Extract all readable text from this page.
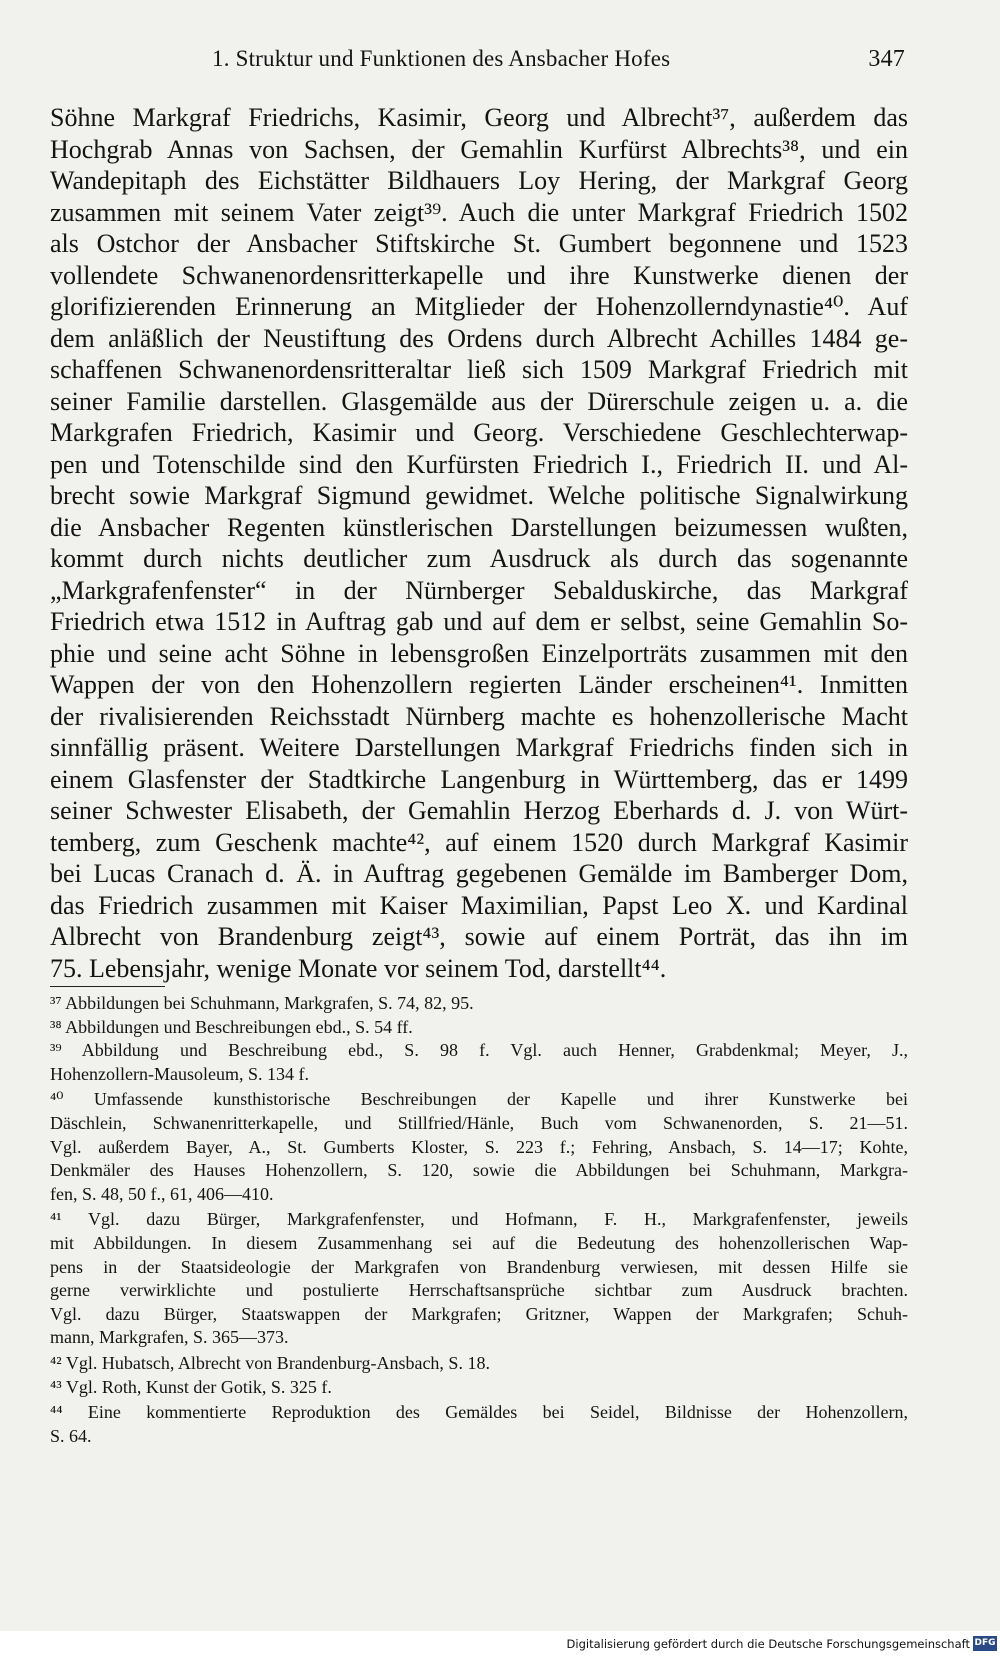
1. Struktur und Funktionen des Ansbacher Hofes	347
Söhne Markgraf Friedrichs, Kasimir, Georg und Albrecht³⁷, außerdem das
Hochgrab Annas von Sachsen, der Gemahlin Kurfürst Albrechts³⁸, und ein
Wandepitaph des Eichstätter Bildhauers Loy Hering, der Markgraf Georg
zusammen mit seinem Vater zeigt³⁹. Auch die unter Markgraf Friedrich 1502
als Ostchor der Ansbacher Stiftskirche St. Gumbert begonnene und 1523
vollendete Schwanenordensritterkapelle und ihre Kunstwerke dienen der
glorifizierenden Erinnerung an Mitglieder der Hohenzollerndynastie⁴⁰. Auf
dem anläßlich der Neustiftung des Ordens durch Albrecht Achilles 1484 ge-
schaffenen Schwanenordensritteraltar ließ sich 1509 Markgraf Friedrich mit
seiner Familie darstellen. Glasgemälde aus der Dürerschule zeigen u. a. die
Markgrafen Friedrich, Kasimir und Georg. Verschiedene Geschlechterwap-
pen und Totenschilde sind den Kurfürsten Friedrich I., Friedrich II. und Al-
brecht sowie Markgraf Sigmund gewidmet. Welche politische Signalwirkung
die Ansbacher Regenten künstlerischen Darstellungen beizumessen wußten,
kommt durch nichts deutlicher zum Ausdruck als durch das sogenannte
„Markgrafenfenster“ in der Nürnberger Sebalduskirche, das Markgraf
Friedrich etwa 1512 in Auftrag gab und auf dem er selbst, seine Gemahlin So-
phie und seine acht Söhne in lebensgroßen Einzelporträts zusammen mit den
Wappen der von den Hohenzollern regierten Länder erscheinen⁴¹. Inmitten
der rivalisierenden Reichsstadt Nürnberg machte es hohenzollerische Macht
sinnfällig präsent. Weitere Darstellungen Markgraf Friedrichs finden sich in
einem Glasfenster der Stadtkirche Langenburg in Württemberg, das er 1499
seiner Schwester Elisabeth, der Gemahlin Herzog Eberhards d. J. von Würt-
temberg, zum Geschenk machte⁴², auf einem 1520 durch Markgraf Kasimir
bei Lucas Cranach d. Ä. in Auftrag gegebenen Gemälde im Bamberger Dom,
das Friedrich zusammen mit Kaiser Maximilian, Papst Leo X. und Kardinal
Albrecht von Brandenburg zeigt⁴³, sowie auf einem Porträt, das ihn im
75. Lebensjahr, wenige Monate vor seinem Tod, darstellt⁴⁴.
³⁷ Abbildungen bei Schuhmann, Markgrafen, S. 74, 82, 95.
³⁸ Abbildungen und Beschreibungen ebd., S. 54 ff.
³⁹ Abbildung und Beschreibung ebd., S. 98 f. Vgl. auch Henner, Grabdenkmal; Meyer, J.,
Hohenzollern-Mausoleum, S. 134 f.
⁴⁰ Umfassende kunsthistorische Beschreibungen der Kapelle und ihrer Kunstwerke bei
Däschlein, Schwanenritterkapelle, und Stillfried/Hänle, Buch vom Schwanenorden, S. 21—51.
Vgl. außerdem Bayer, A., St. Gumberts Kloster, S. 223 f.; Fehring, Ansbach, S. 14—17; Kohte,
Denkmäler des Hauses Hohenzollern, S. 120, sowie die Abbildungen bei Schuhmann, Markgra-
fen, S. 48, 50 f., 61, 406—410.
⁴¹ Vgl. dazu Bürger, Markgrafenfenster, und Hofmann, F. H., Markgrafenfenster, jeweils
mit Abbildungen. In diesem Zusammenhang sei auf die Bedeutung des hohenzollerischen Wap-
pens in der Staatsideologie der Markgrafen von Brandenburg verwiesen, mit dessen Hilfe sie
gerne verwirklichte und postulierte Herrschaftsansprüche sichtbar zum Ausdruck brachten.
Vgl. dazu Bürger, Staatswappen der Markgrafen; Gritzner, Wappen der Markgrafen; Schuh-
mann, Markgrafen, S. 365—373.
⁴² Vgl. Hubatsch, Albrecht von Brandenburg-Ansbach, S. 18.
⁴³ Vgl. Roth, Kunst der Gotik, S. 325 f.
⁴⁴ Eine kommentierte Reproduktion des Gemäldes bei Seidel, Bildnisse der Hohenzollern,
S. 64.
Digitalisierung gefördert durch die Deutsche Forschungsgemeinschaft DFG
